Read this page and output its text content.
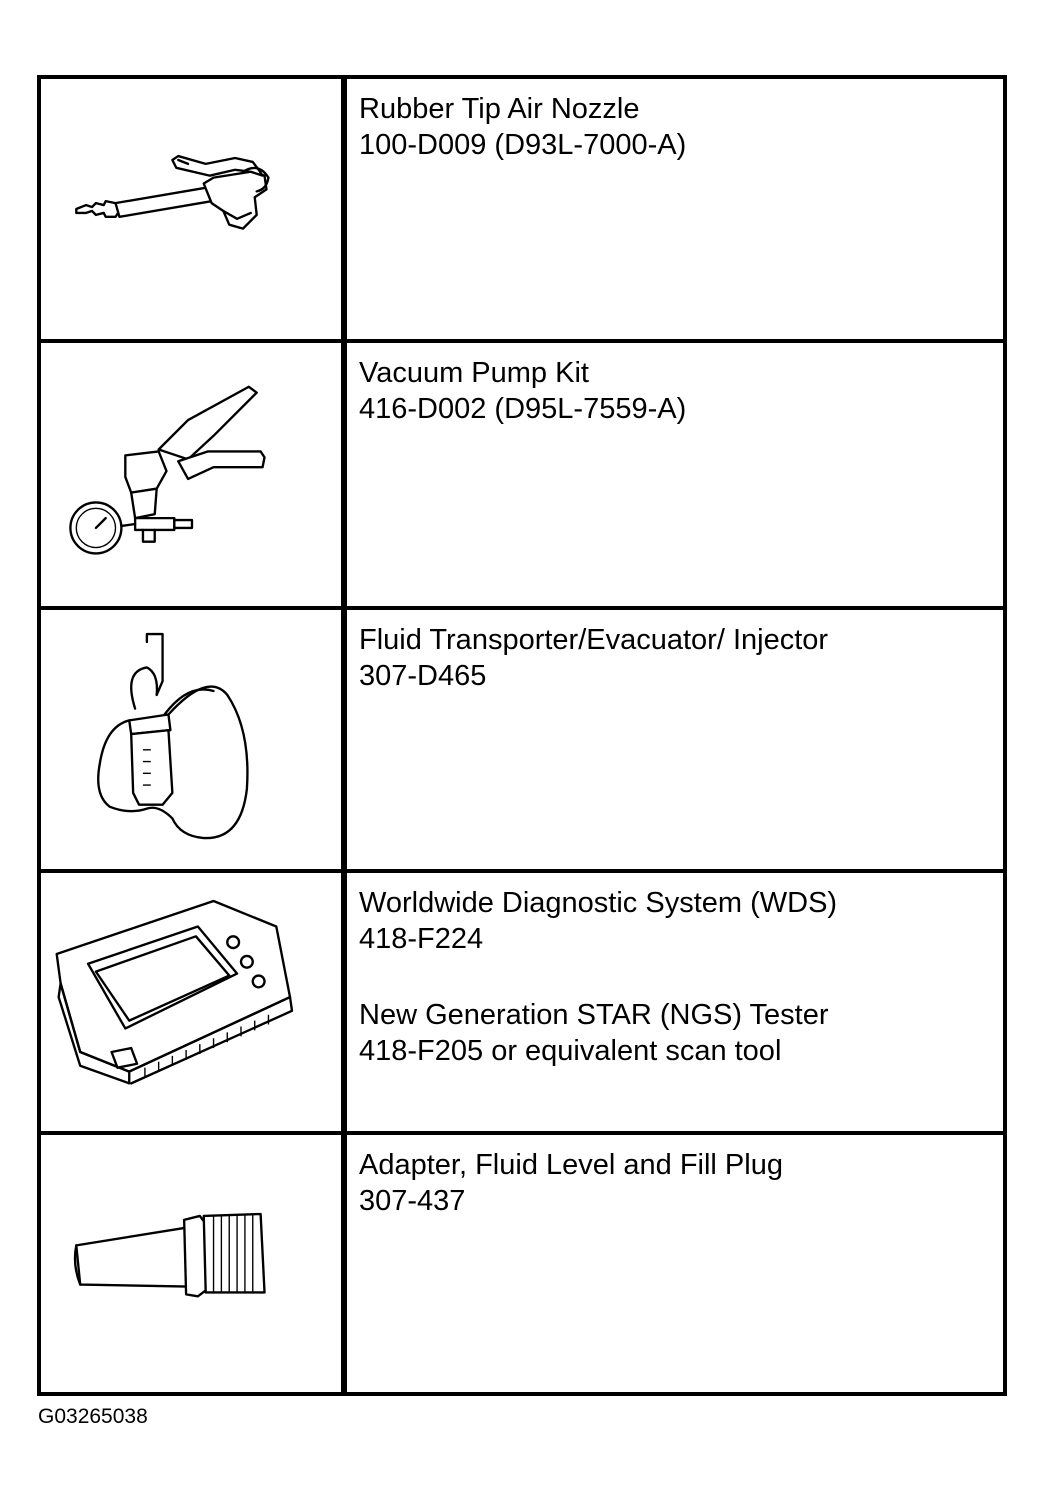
Rubber Tip Air Nozzle
100-D009 (D93L-7000-A)
Vacuum Pump Kit
416-D002 (D95L-7559-A)
Fluid Transporter/Evacuator/ Injector
307-D465
Worldwide Diagnostic System (WDS)
418-F224
New Generation STAR (NGS) Tester
418-F205 or equivalent scan tool
Adapter, Fluid Level and Fill Plug
307-437
G03265038
